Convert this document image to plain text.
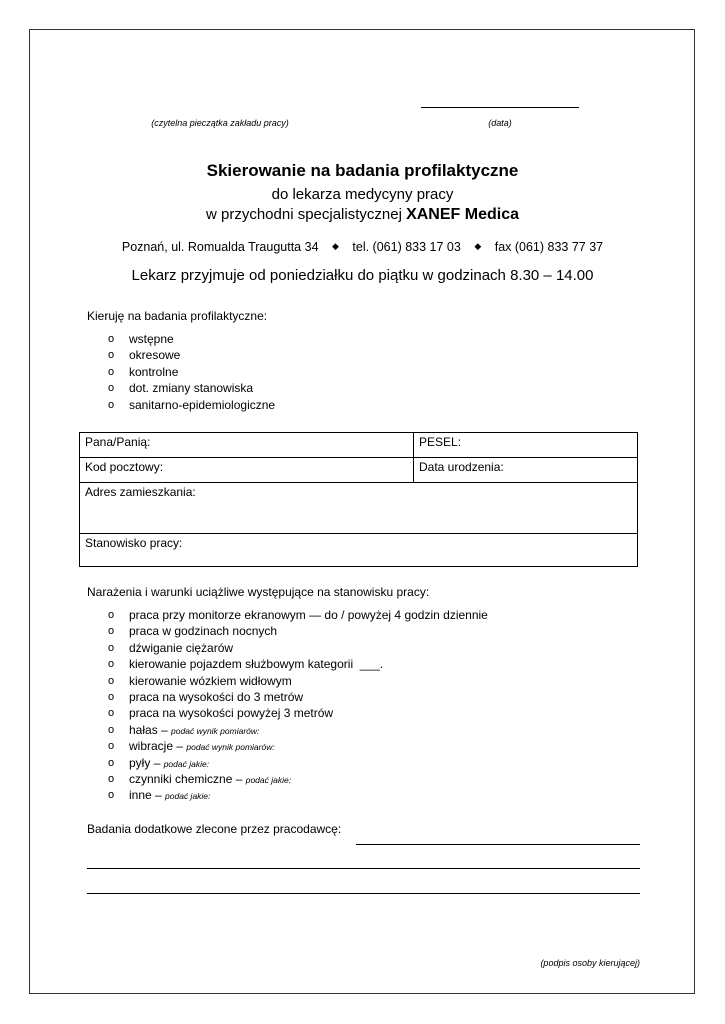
(czytelna pieczątka zakładu pracy)	(data)
Skierowanie na badania profilaktyczne
do lekarza medycyny pracy
w przychodni specjalistycznej XANEF Medica
Poznań, ul. Romualda Traugutta 34 ◆ tel. (061) 833 17 03 ◆ fax (061) 833 77 37
Lekarz przyjmuje od poniedziałku do piątku w godzinach 8.30 – 14.00
Kieruję na badania profilaktyczne:
o wstępne
o okresowe
o kontrolne
o dot. zmiany stanowiska
o sanitarno-epidemiologiczne
Pana/Panią:	PESEL:
Kod pocztowy:	Data urodzenia:
Adres zamieszkania:	
Stanowisko pracy:	
Narażenia i warunki uciążliwe występujące na stanowisku pracy:
o praca przy monitorze ekranowym — do / powyżej 4 godzin dziennie
o praca w godzinach nocnych
o dźwiganie ciężarów
o kierowanie pojazdem służbowym kategorii  ___.
o kierowanie wózkiem widłowym
o praca na wysokości do 3 metrów
o praca na wysokości powyżej 3 metrów
o hałas – podać wynik pomiarów:
o wibracje – podać wynik pomiarów:
o pyły – podać jakie:
o czynniki chemiczne – podać jakie:
o inne – podać jakie:
Badania dodatkowe zlecone przez pracodawcę:
(podpis osoby kierującej)
